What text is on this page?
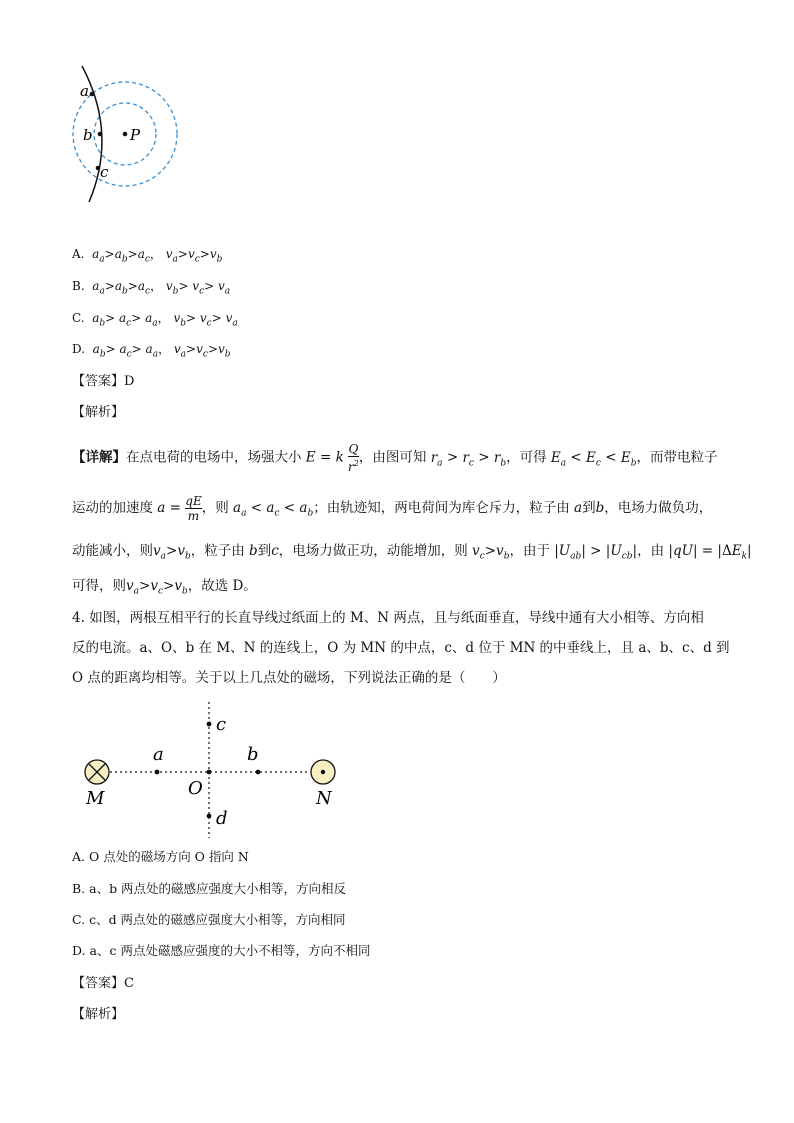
a
b
c
P
A. $a_a>a_b>a_c$， $v_a>v_c>v_b$
B. $a_a>a_b>a_c$， $v_b> v_c> v_a$
C. $a_b> a_c> a_a$， $v_b> v_c> v_a$
D. $a_b> a_c> a_a$， $v_a>v_c>v_b$
【答案】D
【解析】
【详解】在点电荷的电场中，场强大小 E = k $\frac{Q}{r^2}$ ，由图可知 $r_a > r_c > r_b$，可得 $E_a < E_c < E_b$，而带电粒子
运动的加速度 $a = \frac{qE}{m}$ ，则 $a_a < a_c < a_b$；由轨迹知，两电荷间为库仑斥力，粒子由 a到b，电场力做负功，
动能减小，则$v_a>v_b$，粒子由 b到c，电场力做正功，动能增加，则 $v_c>v_b$，由于 $|U_{ab}| > |U_{cb}|$，由 $|qU| = |\Delta E_k|$
可得，则$v_a>v_c>v_b$，故选 D。
4. 如图，两根互相平行的长直导线过纸面上的 M、N 两点，且与纸面垂直，导线中通有大小相等、方向相
反的电流。a、O、b 在 M、N 的连线上，O 为 MN 的中点，c、d 位于 MN 的中垂线上，且 a、b、c、d 到
O 点的距离均相等。关于以上几点处的磁场，下列说法正确的是（　　）
c
a	b
M	O	N
d
A. O 点处的磁场方向 O 指向 N
B. a、b 两点处的磁感应强度大小相等，方向相反
C. c、d 两点处的磁感应强度大小相等，方向相同
D. a、c 两点处磁感应强度的大小不相等，方向不相同
【答案】C
【解析】
